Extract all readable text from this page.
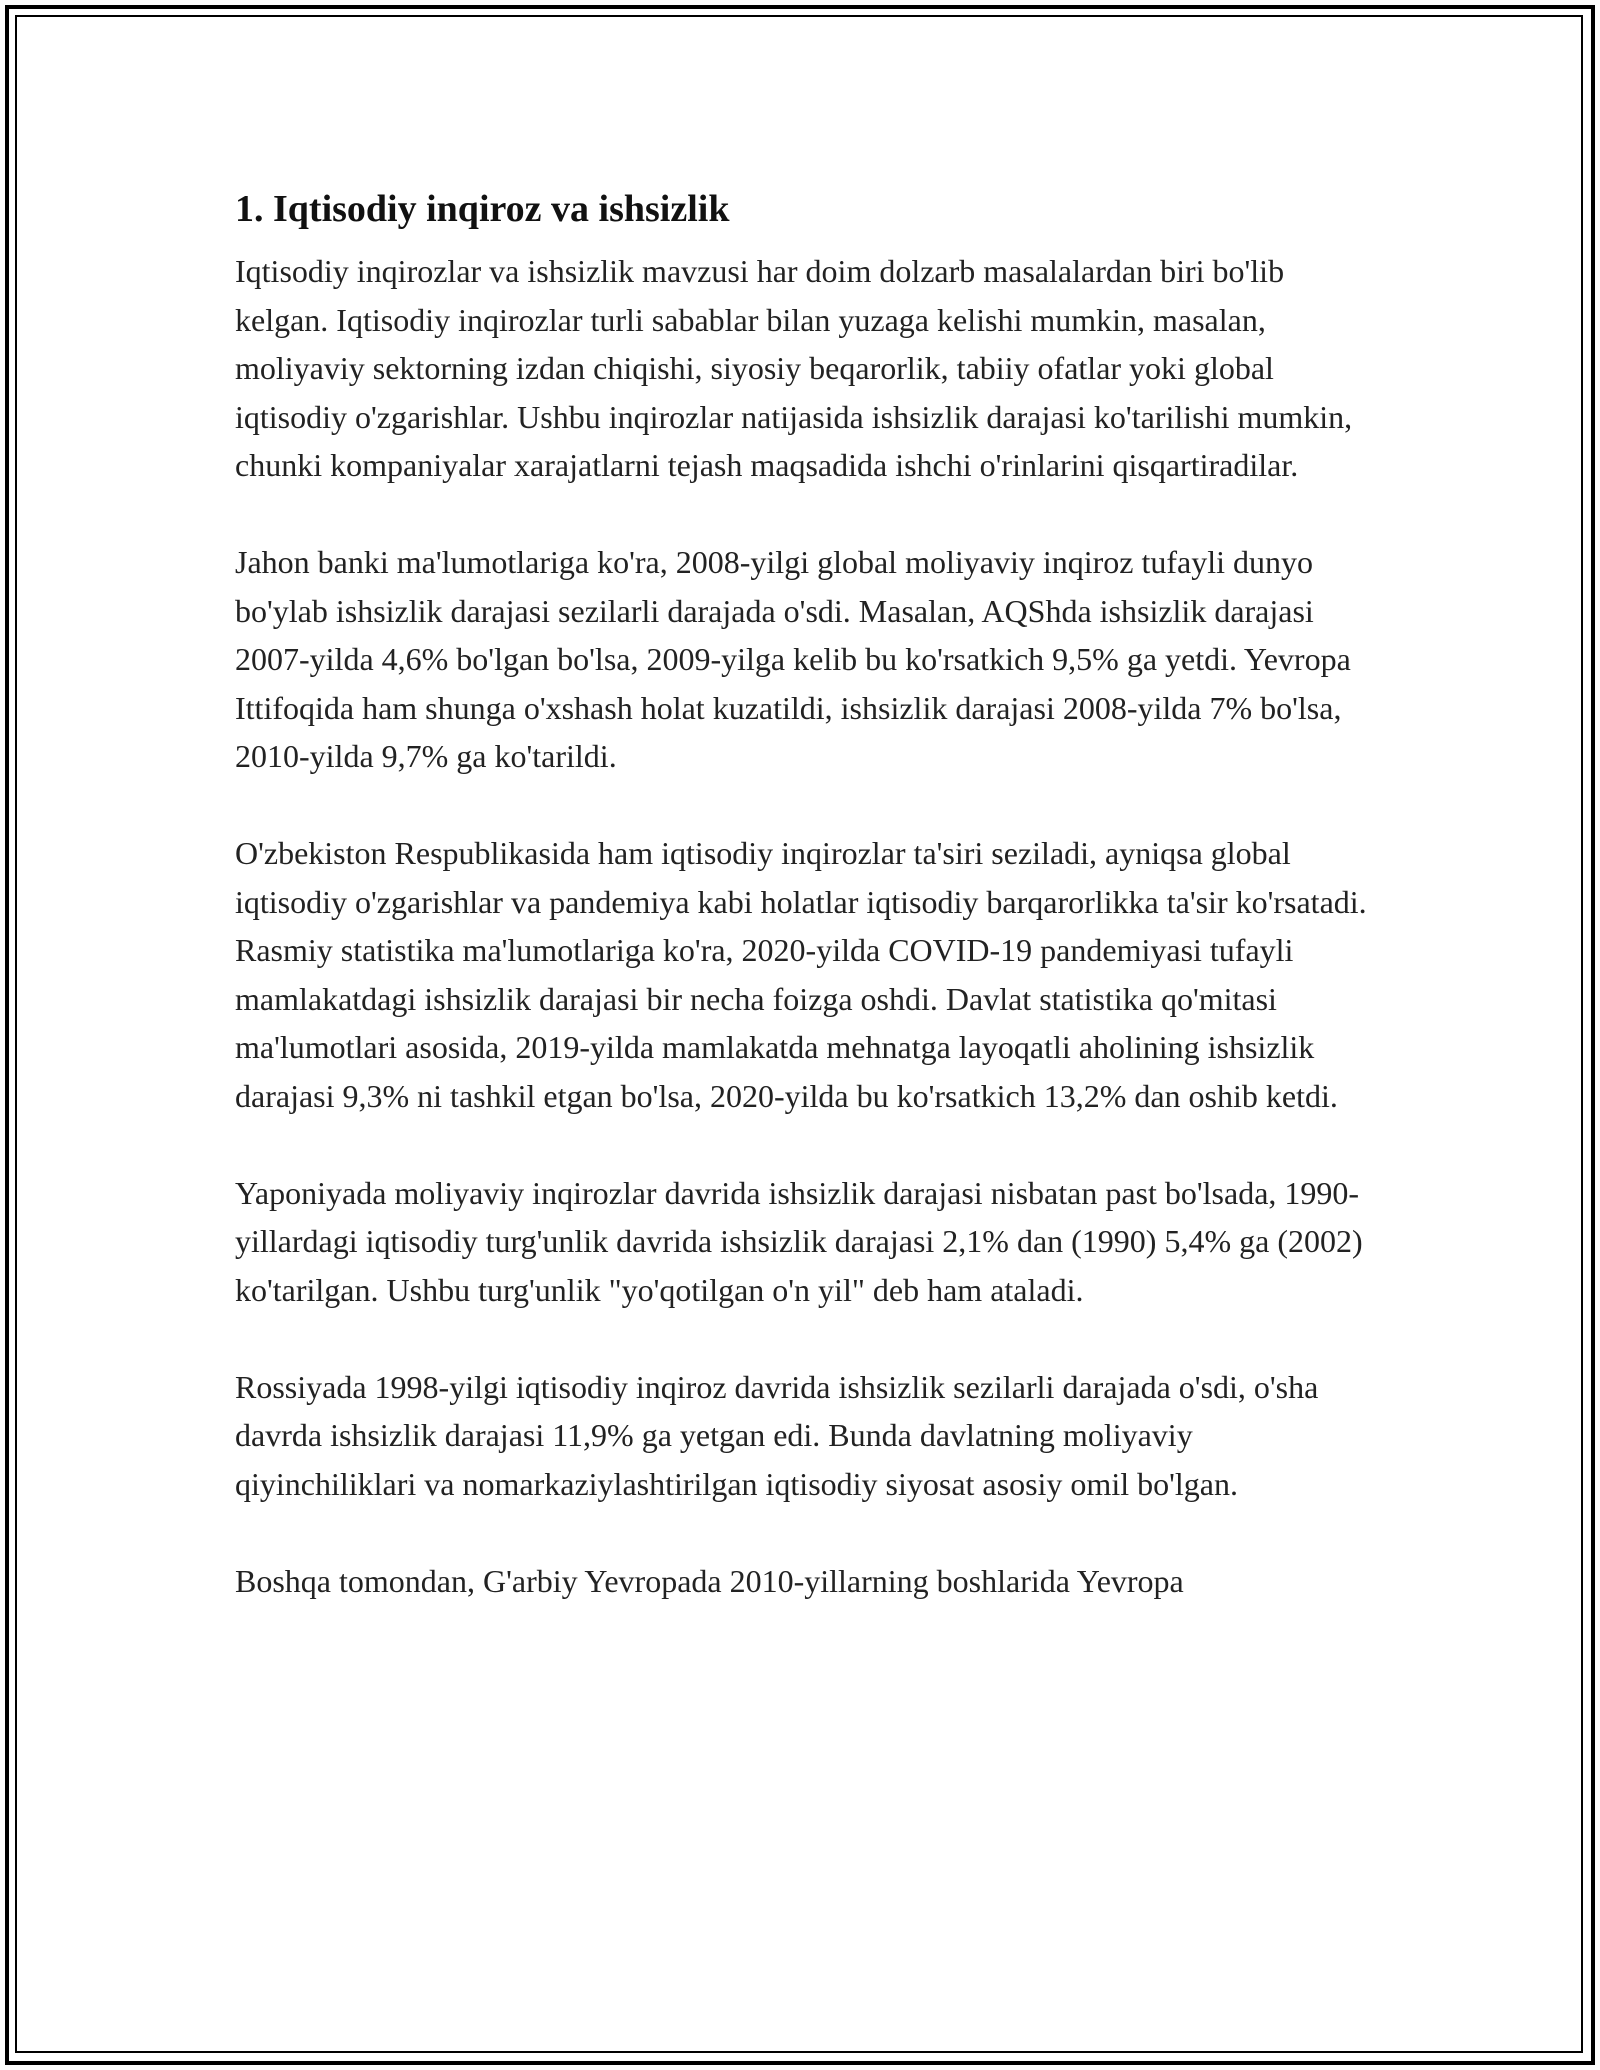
1. Iqtisodiy inqiroz va ishsizlik

Iqtisodiy inqirozlar va ishsizlik mavzusi har doim dolzarb masalalardan biri bo'lib kelgan. Iqtisodiy inqirozlar turli sabablar bilan yuzaga kelishi mumkin, masalan, moliyaviy sektorning izdan chiqishi, siyosiy beqarorlik, tabiiy ofatlar yoki global iqtisodiy o'zgarishlar. Ushbu inqirozlar natijasida ishsizlik darajasi ko'tarilishi mumkin, chunki kompaniyalar xarajatlarni tejash maqsadida ishchi o'rinlarini qisqartiradilar.

Jahon banki ma'lumotlariga ko'ra, 2008-yilgi global moliyaviy inqiroz tufayli dunyo bo'ylab ishsizlik darajasi sezilarli darajada o'sdi. Masalan, AQShda ishsizlik darajasi 2007-yilda 4,6% bo'lgan bo'lsa, 2009-yilga kelib bu ko'rsatkich 9,5% ga yetdi. Yevropa Ittifoqida ham shunga o'xshash holat kuzatildi, ishsizlik darajasi 2008-yilda 7% bo'lsa, 2010-yilda 9,7% ga ko'tarildi.

O'zbekiston Respublikasida ham iqtisodiy inqirozlar ta'siri seziladi, ayniqsa global iqtisodiy o'zgarishlar va pandemiya kabi holatlar iqtisodiy barqarorlikka ta'sir ko'rsatadi. Rasmiy statistika ma'lumotlariga ko'ra, 2020-yilda COVID-19 pandemiyasi tufayli mamlakatdagi ishsizlik darajasi bir necha foizga oshdi. Davlat statistika qo'mitasi ma'lumotlari asosida, 2019-yilda mamlakatda mehnatga layoqatli aholining ishsizlik darajasi 9,3% ni tashkil etgan bo'lsa, 2020-yilda bu ko'rsatkich 13,2% dan oshib ketdi.

Yaponiyada moliyaviy inqirozlar davrida ishsizlik darajasi nisbatan past bo'lsada, 1990-yillardagi iqtisodiy turg'unlik davrida ishsizlik darajasi 2,1% dan (1990) 5,4% ga (2002) ko'tarilgan. Ushbu turg'unlik "yo'qotilgan o'n yil" deb ham ataladi.

Rossiyada 1998-yilgi iqtisodiy inqiroz davrida ishsizlik sezilarli darajada o'sdi, o'sha davrda ishsizlik darajasi 11,9% ga yetgan edi. Bunda davlatning moliyaviy qiyinchiliklari va nomarkaziylashtirilgan iqtisodiy siyosat asosiy omil bo'lgan.

Boshqa tomondan, G'arbiy Yevropada 2010-yillarning boshlarida Yevropa
